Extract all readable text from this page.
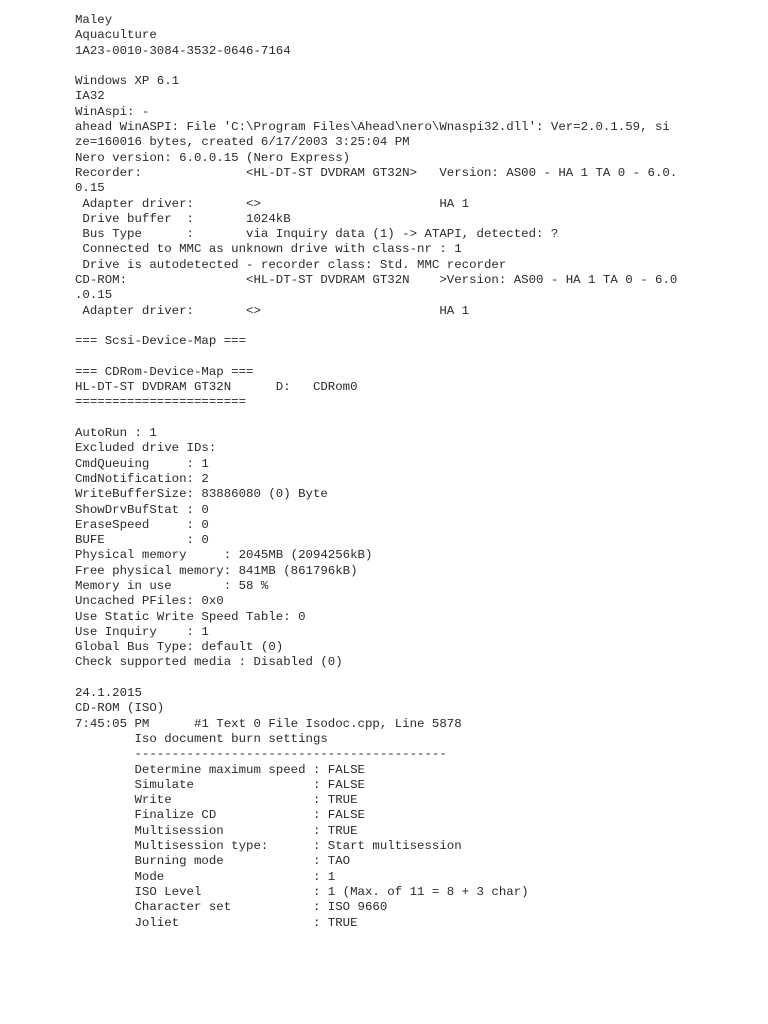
Maley
Aquaculture
1A23-0010-3084-3532-0646-7164
Windows XP 6.1
IA32
WinAspi: -
ahead WinASPI: File 'C:\Program Files\Ahead\nero\Wnaspi32.dll': Ver=2.0.1.59, si
ze=160016 bytes, created 6/17/2003 3:25:04 PM
Nero version: 6.0.0.15 (Nero Express)
Recorder:              <HL-DT-ST DVDRAM GT32N>   Version: AS00 - HA 1 TA 0 - 6.0.
0.15
Adapter driver:       <>                        HA 1
Drive buffer  :       1024kB
Bus Type      :       via Inquiry data (1) -> ATAPI, detected: ?
Connected to MMC as unknown drive with class-nr : 1
Drive is autodetected - recorder class: Std. MMC recorder
CD-ROM:                <HL-DT-ST DVDRAM GT32N    >Version: AS00 - HA 1 TA 0 - 6.0
.0.15
Adapter driver:       <>                        HA 1
=== Scsi-Device-Map ===
=== CDRom-Device-Map ===
HL-DT-ST DVDRAM GT32N      D:   CDRom0
=======================
AutoRun : 1
Excluded drive IDs:
CmdQueuing     : 1
CmdNotification: 2
WriteBufferSize: 83886080 (0) Byte
ShowDrvBufStat : 0
EraseSpeed     : 0
BUFE           : 0
Physical memory     : 2045MB (2094256kB)
Free physical memory: 841MB (861796kB)
Memory in use       : 58 %
Uncached PFiles: 0x0
Use Static Write Speed Table: 0
Use Inquiry    : 1
Global Bus Type: default (0)
Check supported media : Disabled (0)
24.1.2015
CD-ROM (ISO)
7:45:05 PM      #1 Text 0 File Isodoc.cpp, Line 5878
Iso document burn settings
------------------------------------------
Determine maximum speed : FALSE
Simulate                : FALSE
Write                   : TRUE
Finalize CD             : FALSE
Multisession            : TRUE
Multisession type:      : Start multisession
Burning mode            : TAO
Mode                    : 1
ISO Level               : 1 (Max. of 11 = 8 + 3 char)
Character set           : ISO 9660
Joliet                  : TRUE
